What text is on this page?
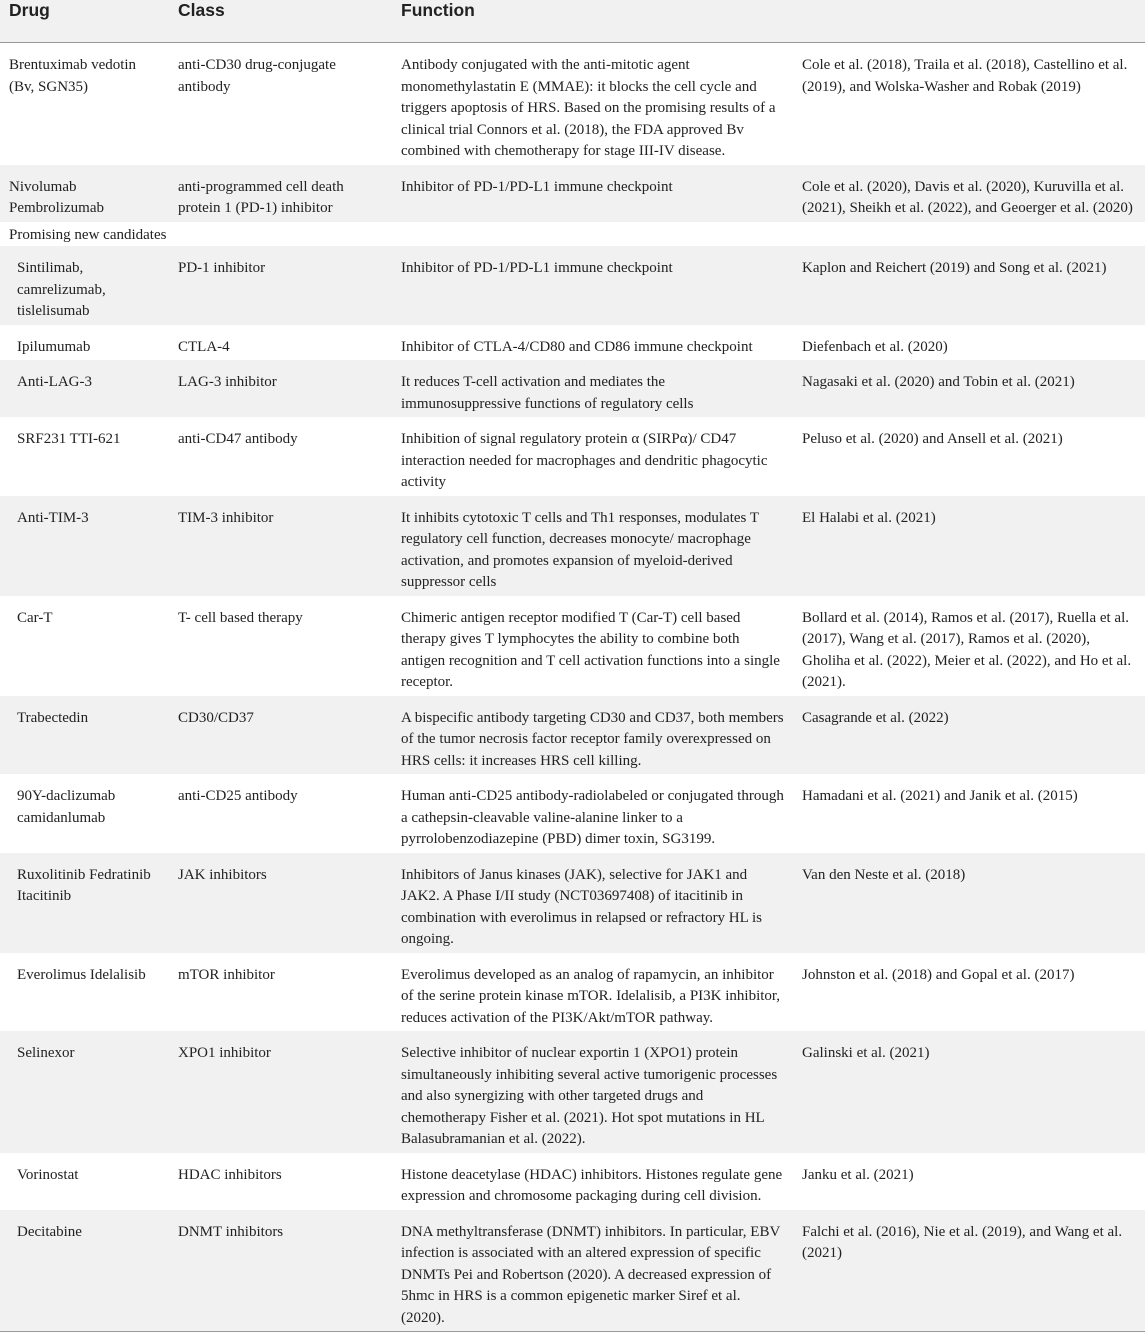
Drug	Class	Function	
Brentuximab vedotin (Bv, SGN35)	anti-CD30 drug-conjugate antibody	Antibody conjugated with the anti-mitotic agent monomethylastatin E (MMAE): it blocks the cell cycle and triggers apoptosis of HRS. Based on the promising results of a clinical trial Connors et al. (2018), the FDA approved Bv combined with chemotherapy for stage III-IV disease.	Cole et al. (2018), Traila et al. (2018), Castellino et al. (2019), and Wolska-Washer and Robak (2019)
Nivolumab Pembrolizumab	anti-programmed cell death protein 1 (PD-1) inhibitor	Inhibitor of PD-1/PD-L1 immune checkpoint	Cole et al. (2020), Davis et al. (2020), Kuruvilla et al. (2021), Sheikh et al. (2022), and Geoerger et al. (2020)
Promising new candidates			
Sintilimab, camrelizumab, tislelisumab	PD-1 inhibitor	Inhibitor of PD-1/PD-L1 immune checkpoint	Kaplon and Reichert (2019) and Song et al. (2021)
Ipilumumab	CTLA-4	Inhibitor of CTLA-4/CD80 and CD86 immune checkpoint	Diefenbach et al. (2020)
Anti-LAG-3	LAG-3 inhibitor	It reduces T-cell activation and mediates the immunosuppressive functions of regulatory cells	Nagasaki et al. (2020) and Tobin et al. (2021)
SRF231 TTI-621	anti-CD47 antibody	Inhibition of signal regulatory protein α (SIRPα)/ CD47 interaction needed for macrophages and dendritic phagocytic activity	Peluso et al. (2020) and Ansell et al. (2021)
Anti-TIM-3	TIM-3 inhibitor	It inhibits cytotoxic T cells and Th1 responses, modulates T regulatory cell function, decreases monocyte/ macrophage activation, and promotes expansion of myeloid-derived suppressor cells	El Halabi et al. (2021)
Car-T	T- cell based therapy	Chimeric antigen receptor modified T (Car-T) cell based therapy gives T lymphocytes the ability to combine both antigen recognition and T cell activation functions into a single receptor.	Bollard et al. (2014), Ramos et al. (2017), Ruella et al. (2017), Wang et al. (2017), Ramos et al. (2020), Gholiha et al. (2022), Meier et al. (2022), and Ho et al. (2021).
Trabectedin	CD30/CD37	A bispecific antibody targeting CD30 and CD37, both members of the tumor necrosis factor receptor family overexpressed on HRS cells: it increases HRS cell killing.	Casagrande et al. (2022)
90Y-daclizumab camidanlumab	anti-CD25 antibody	Human anti-CD25 antibody-radiolabeled or conjugated through a cathepsin-cleavable valine-alanine linker to a pyrrolobenzodiazepine (PBD) dimer toxin, SG3199.	Hamadani et al. (2021) and Janik et al. (2015)
Ruxolitinib Fedratinib Itacitinib	JAK inhibitors	Inhibitors of Janus kinases (JAK), selective for JAK1 and JAK2. A Phase I/II study (NCT03697408) of itacitinib in combination with everolimus in relapsed or refractory HL is ongoing.	Van den Neste et al. (2018)
Everolimus Idelalisib	mTOR inhibitor	Everolimus developed as an analog of rapamycin, an inhibitor of the serine protein kinase mTOR. Idelalisib, a PI3K inhibitor, reduces activation of the PI3K/Akt/mTOR pathway.	Johnston et al. (2018) and Gopal et al. (2017)
Selinexor	XPO1 inhibitor	Selective inhibitor of nuclear exportin 1 (XPO1) protein simultaneously inhibiting several active tumorigenic processes and also synergizing with other targeted drugs and chemotherapy Fisher et al. (2021). Hot spot mutations in HL Balasubramanian et al. (2022).	Galinski et al. (2021)
Vorinostat	HDAC inhibitors	Histone deacetylase (HDAC) inhibitors. Histones regulate gene expression and chromosome packaging during cell division.	Janku et al. (2021)
Decitabine	DNMT inhibitors	DNA methyltransferase (DNMT) inhibitors. In particular, EBV infection is associated with an altered expression of specific DNMTs Pei and Robertson (2020). A decreased expression of 5hmc in HRS is a common epigenetic marker Siref et al. (2020).	Falchi et al. (2016), Nie et al. (2019), and Wang et al. (2021)
